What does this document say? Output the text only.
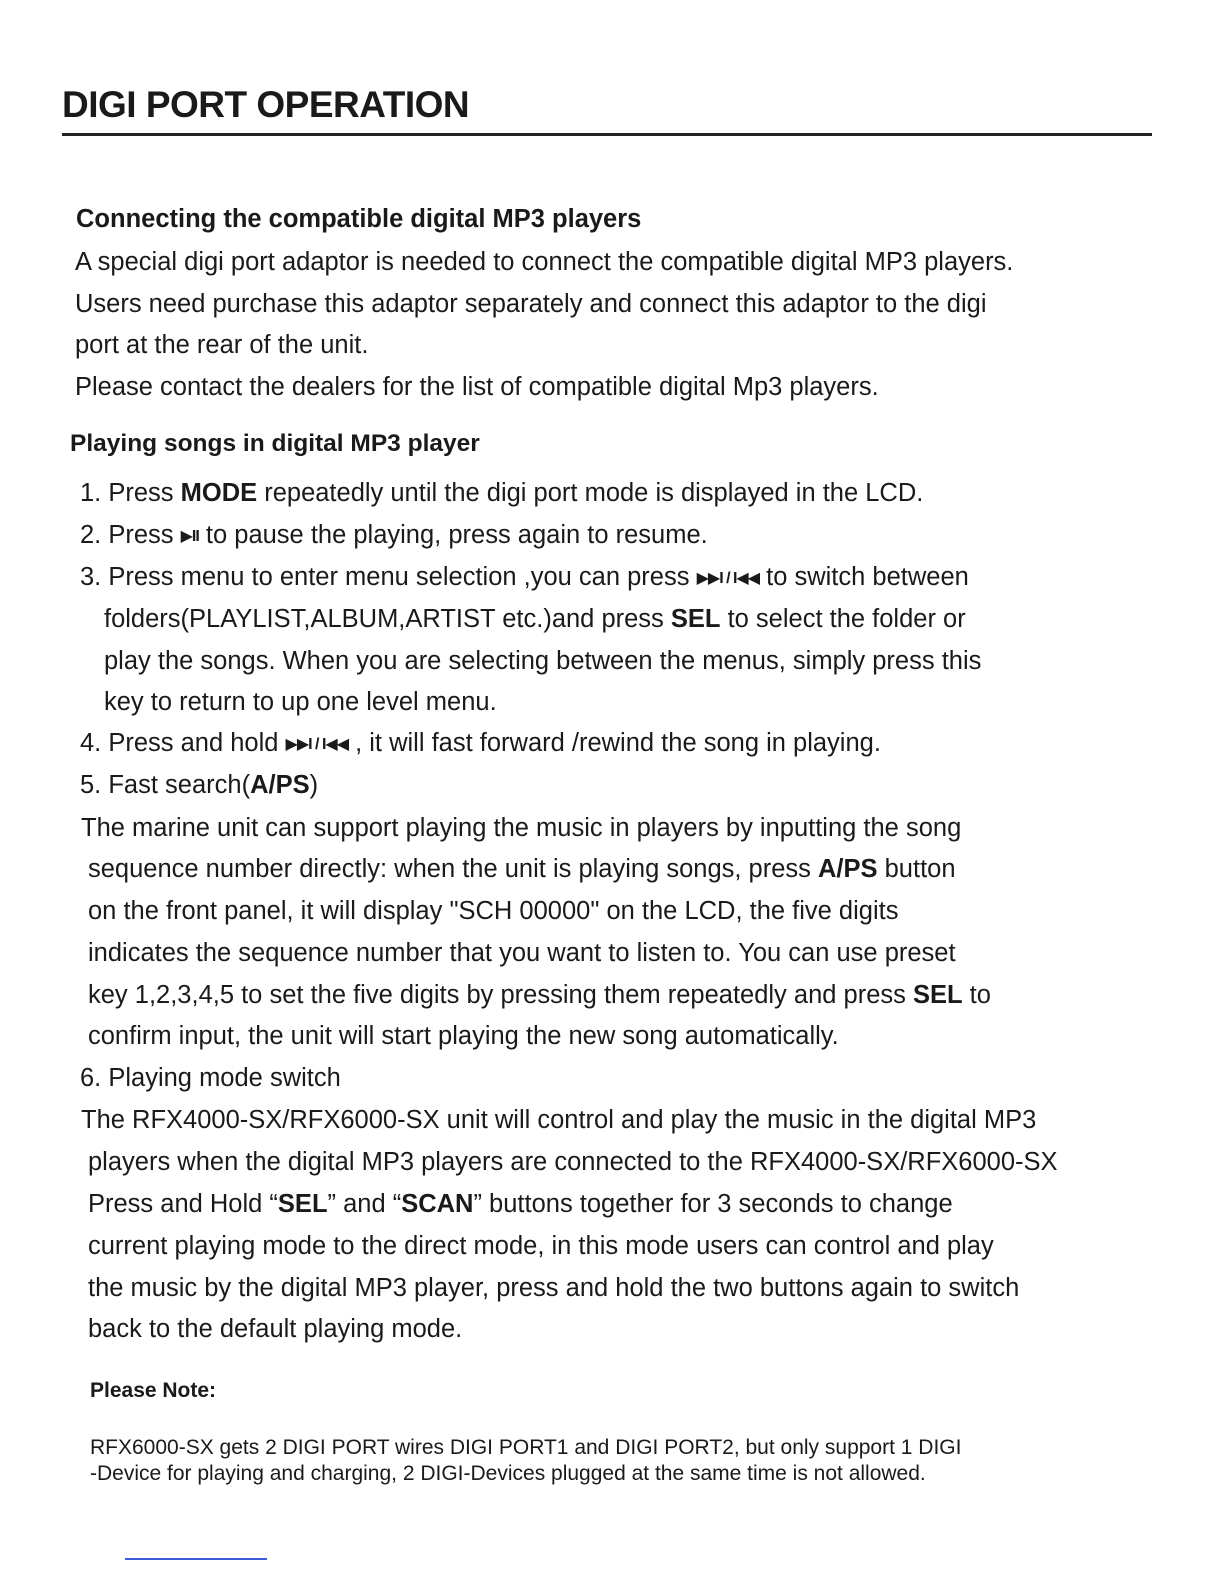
DIGI PORT OPERATION
Connecting the compatible digital MP3 players
A special digi port adaptor is needed to connect the compatible digital MP3 players.
Users need purchase this adaptor separately and connect this adaptor to the digi
port at the rear of the unit.
Please contact the dealers for the list of compatible digital Mp3 players.
Playing songs in digital MP3 player
1. Press MODE repeatedly until the digi port mode is displayed in the LCD.
2. Press ▶II to pause the playing, press again to resume.
3. Press menu to enter menu selection ,you can press ▶▶I / I◀◀ to switch between
folders(PLAYLIST,ALBUM,ARTIST etc.)and press SEL to select the folder or
play the songs. When you are selecting between the menus, simply press this
key to return to up one level menu.
4. Press and hold ▶▶I / I◀◀ , it will fast forward /rewind the song in playing.
5. Fast search(A/PS)
The marine unit can support playing the music in players by inputting the song
sequence number directly: when the unit is playing songs, press A/PS button
on the front panel, it will display "SCH 00000" on the LCD, the five digits
indicates the sequence number that you want to listen to. You can use preset
key 1,2,3,4,5 to set the five digits by pressing them repeatedly and press SEL to
confirm input, the unit will start playing the new song automatically.
6. Playing mode switch
The RFX4000-SX/RFX6000-SX unit will control and play the music in the digital MP3
players when the digital MP3 players are connected to the RFX4000-SX/RFX6000-SX
Press and Hold “SEL” and “SCAN” buttons together for 3 seconds to change
current playing mode to the direct mode, in this mode users can control and play
the music by the digital MP3 player, press and hold the two buttons again to switch
back to the default playing mode.
Please Note:
RFX6000-SX gets 2 DIGI PORT wires DIGI PORT1 and DIGI PORT2, but only support 1 DIGI
-Device for playing and charging, 2 DIGI-Devices plugged at the same time is not allowed.
